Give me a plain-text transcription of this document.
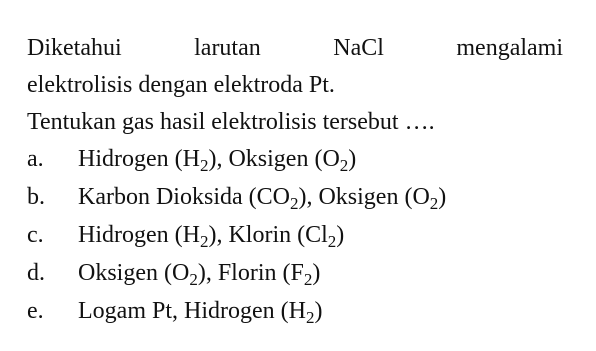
Diketahui larutan NaCl mengalami
elektrolisis dengan elektroda Pt.

Tentukan gas hasil elektrolisis tersebut ….

a.	Hidrogen $(H_2)$, Oksigen $(O_2)$
b.	Karbon Dioksida $(CO_2)$, Oksigen $(O_2)$
c.	Hidrogen $(H_2)$, Klorin $(Cl_2)$
d.	Oksigen $(O_2)$, Florin $(F_2)$
e.	Logam Pt, Hidrogen $(H_2)$
